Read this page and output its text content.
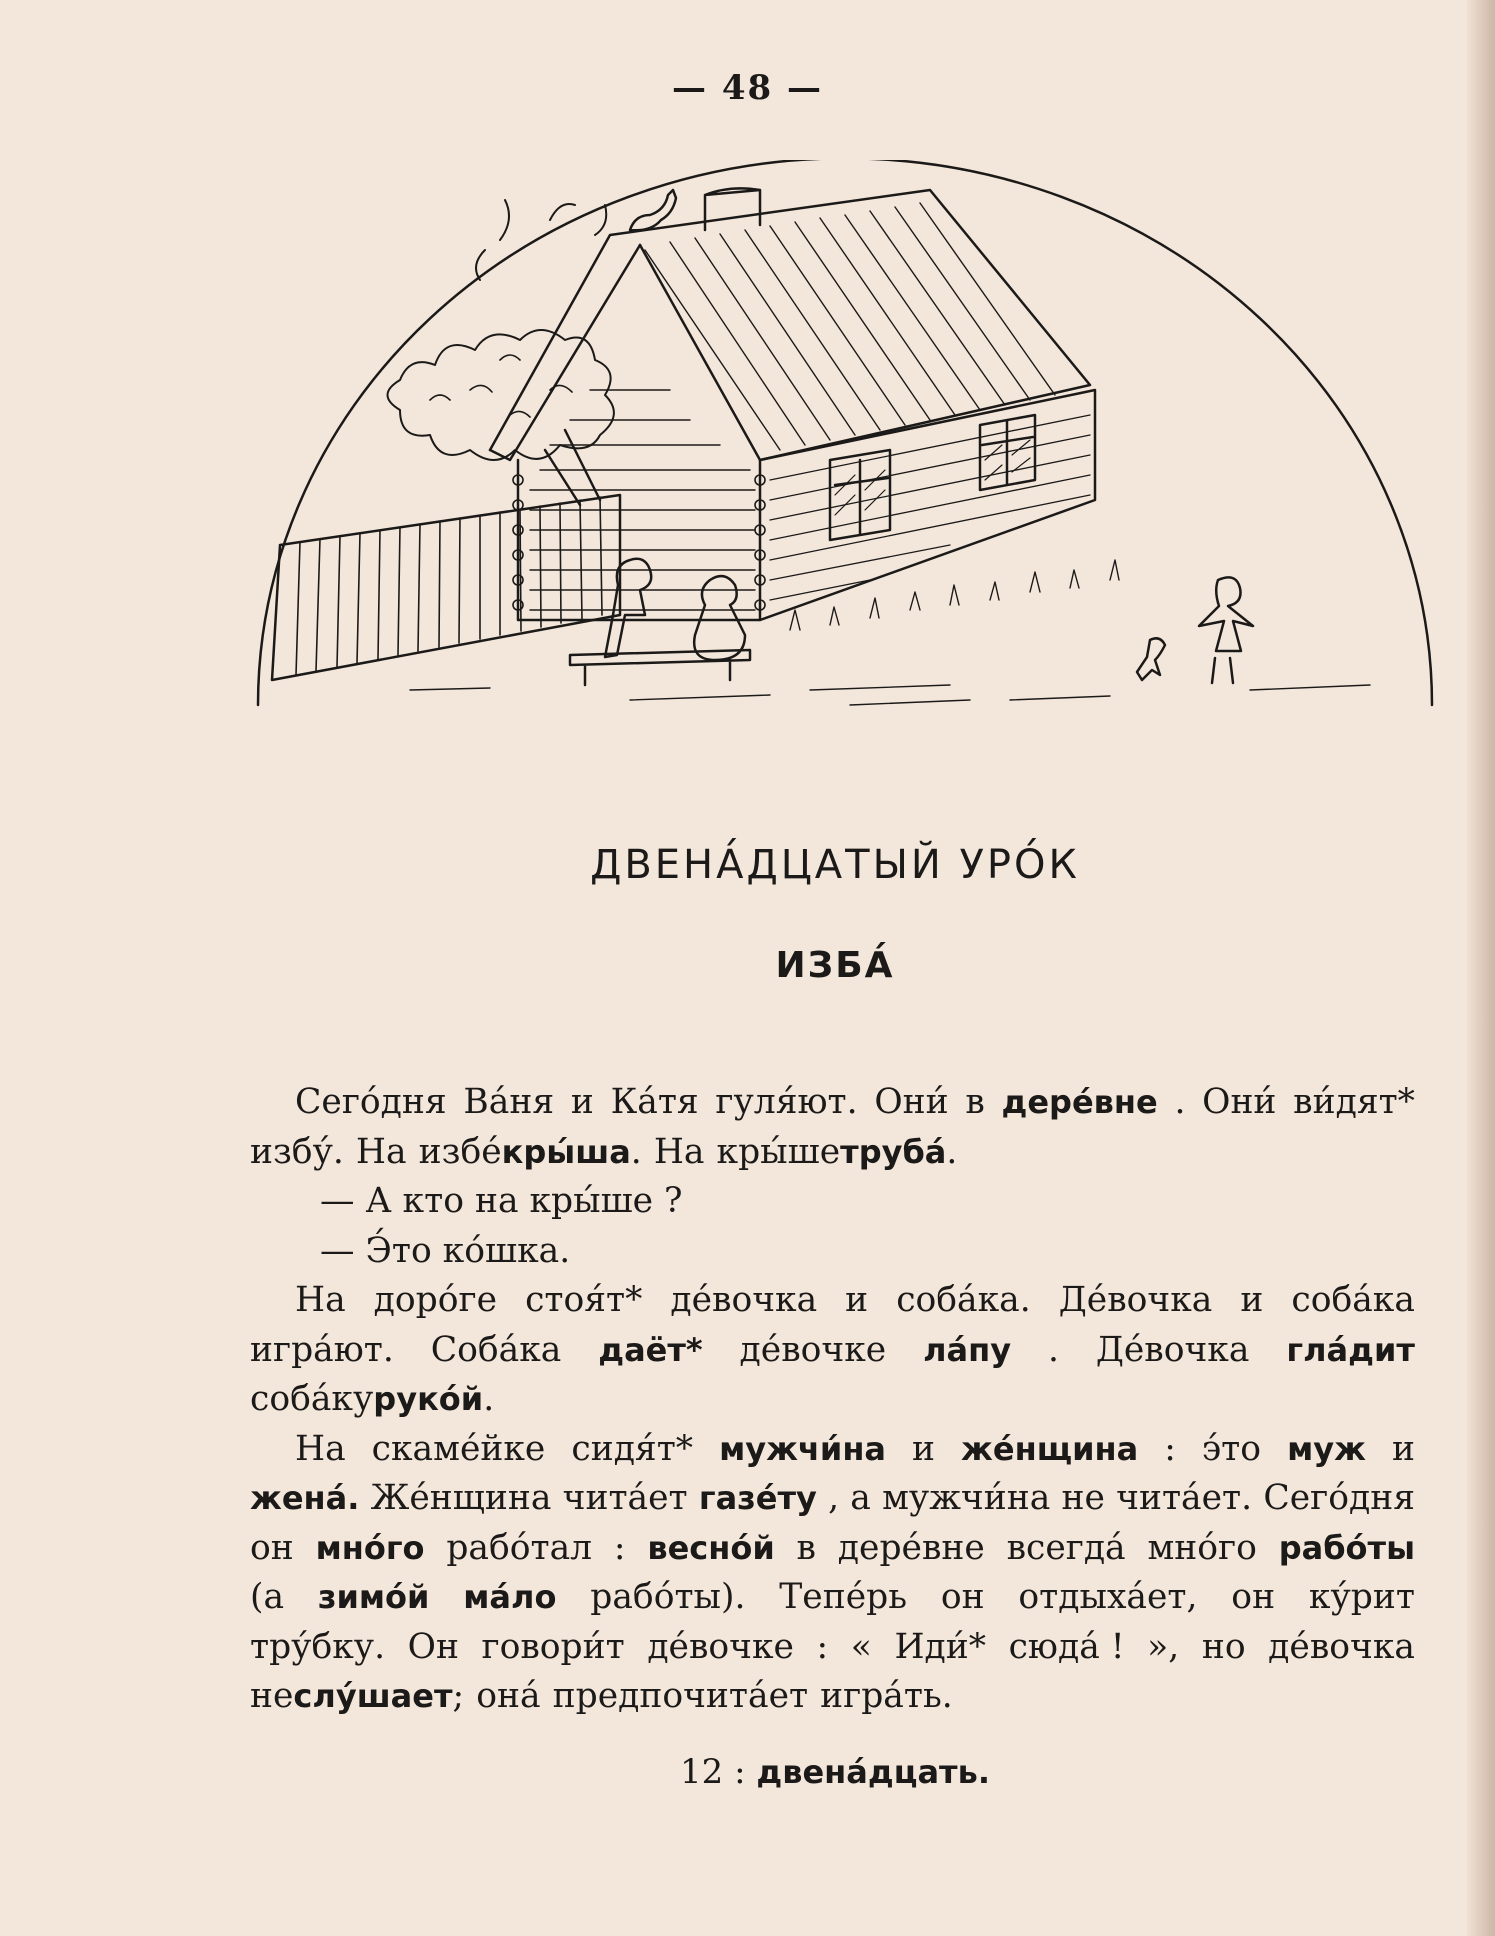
— 48 —
ДВЕНА́ДЦАТЫЙ УРО́К
ИЗБА́
Сего́дня Ва́ня и Ка́тя гуля́ют. Они́ в дере́вне . Они́ ви́дят*
избу́. На избе́ кры́ша . На кры́ше труба́ .
— А кто на кры́ше ?
— Э́то ко́шка.
На доро́ге стоя́т* де́вочка и соба́ка. Де́вочка и соба́ка
игра́ют. Соба́ка даёт* де́вочке ла́пу . Де́вочка гла́дит
соба́ку руко́й .
На скаме́йке сидя́т* мужчи́на и же́нщина : э́то муж и
жена́. Же́нщина чита́ет газе́ту , а мужчи́на не чита́ет. Сего́дня
он мно́го рабо́тал : весно́й в дере́вне всегда́ мно́го рабо́ты
(а зимо́й ма́ло рабо́ты). Тепе́рь он отдыха́ет, он ку́рит
тру́бку. Он говори́т де́вочке : « Иди́* сюда́ ! », но де́вочка
не слу́шает ; она́ предпочита́ет игра́ть.
12 : двена́дцать.
